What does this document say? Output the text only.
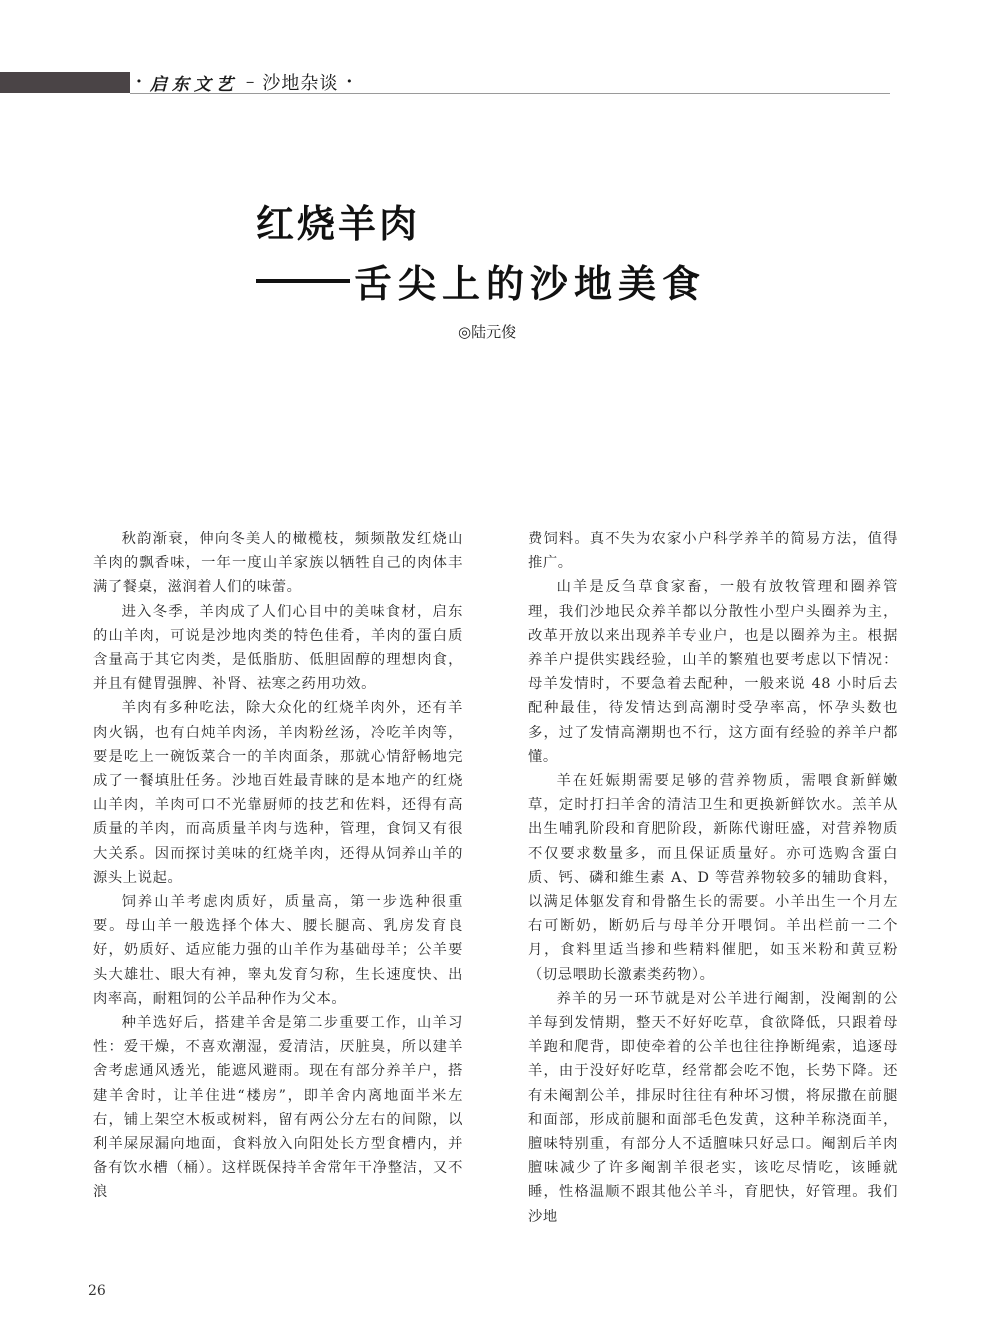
· 启东文艺 – 沙地杂谈 ·
红烧羊肉
舌尖上的沙地美食
◎陆元俊

秋韵渐衰，伸向冬美人的橄榄枝，频频散发红烧山羊肉的飘香味，一年一度山羊家族以牺牲自己的肉体丰满了餐桌，滋润着人们的味蕾。

进入冬季，羊肉成了人们心目中的美味食材，启东的山羊肉，可说是沙地肉类的特色佳肴，羊肉的蛋白质含量高于其它肉类，是低脂肪、低胆固醇的理想肉食，并且有健胃强脾、补肾、祛寒之药用功效。

羊肉有多种吃法，除大众化的红烧羊肉外，还有羊肉火锅，也有白炖羊肉汤，羊肉粉丝汤，冷吃羊肉等，要是吃上一碗饭菜合一的羊肉面条，那就心情舒畅地完成了一餐填肚任务。沙地百姓最青睐的是本地产的红烧山羊肉，羊肉可口不光靠厨师的技艺和佐料，还得有高质量的羊肉，而高质量羊肉与选种，管理，食饲又有很大关系。因而探讨美味的红烧羊肉，还得从饲养山羊的源头上说起。

饲养山羊考虑肉质好，质量高，第一步选种很重要。母山羊一般选择个体大、腰长腿高、乳房发育良好，奶质好、适应能力强的山羊作为基础母羊；公羊要头大雄壮、眼大有神，睾丸发育匀称，生长速度快、出肉率高，耐粗饲的公羊品种作为父本。

种羊选好后，搭建羊舍是第二步重要工作，山羊习性：爱干燥，不喜欢潮湿，爱清洁，厌脏臭，所以建羊舍考虑通风透光，能遮风避雨。现在有部分养羊户，搭建羊舍时，让羊住进“楼房”，即羊舍内离地面半米左右，铺上架空木板或树料，留有两公分左右的间隙，以利羊屎尿漏向地面，食料放入向阳处长方型食槽内，并备有饮水槽（桶）。这样既保持羊舍常年干净整洁，又不浪

费饲料。真不失为农家小户科学养羊的简易方法，值得推广。

山羊是反刍草食家畜，一般有放牧管理和圈养管理，我们沙地民众养羊都以分散性小型户头圈养为主，改革开放以来出现养羊专业户，也是以圈养为主。根据养羊户提供实践经验，山羊的繁殖也要考虑以下情况：母羊发情时，不要急着去配种，一般来说 48 小时后去配种最佳，待发情达到高潮时受孕率高，怀孕头数也多，过了发情高潮期也不行，这方面有经验的养羊户都懂。

羊在妊娠期需要足够的营养物质，需喂食新鲜嫩草，定时打扫羊舍的清洁卫生和更换新鲜饮水。羔羊从出生哺乳阶段和育肥阶段，新陈代谢旺盛，对营养物质不仅要求数量多，而且保证质量好。亦可选购含蛋白质、钙、磷和維生素 A、D 等营养物较多的辅助食料，以满足体躯发育和骨骼生长的需要。小羊出生一个月左右可断奶，断奶后与母羊分开喂饲。羊出栏前一二个月，食料里适当掺和些精料催肥，如玉米粉和黄豆粉（切忌喂助长激素类药物）。

养羊的另一环节就是对公羊进行阉割，没阉割的公羊每到发情期，整天不好好吃草，食欲降低，只跟着母羊跑和爬背，即使牵着的公羊也往往挣断绳索，追逐母羊，由于没好好吃草，经常都会吃不饱，长势下降。还有未阉割公羊，排尿时往往有种坏习惯，将尿撒在前腿和面部，形成前腿和面部毛色发黄，这种羊称浇面羊，膻味特别重，有部分人不适膻味只好忌口。阉割后羊肉膻味减少了许多阉割羊很老实，该吃尽情吃，该睡就睡，性格温顺不跟其他公羊斗，育肥快，好管理。我们沙地

26
